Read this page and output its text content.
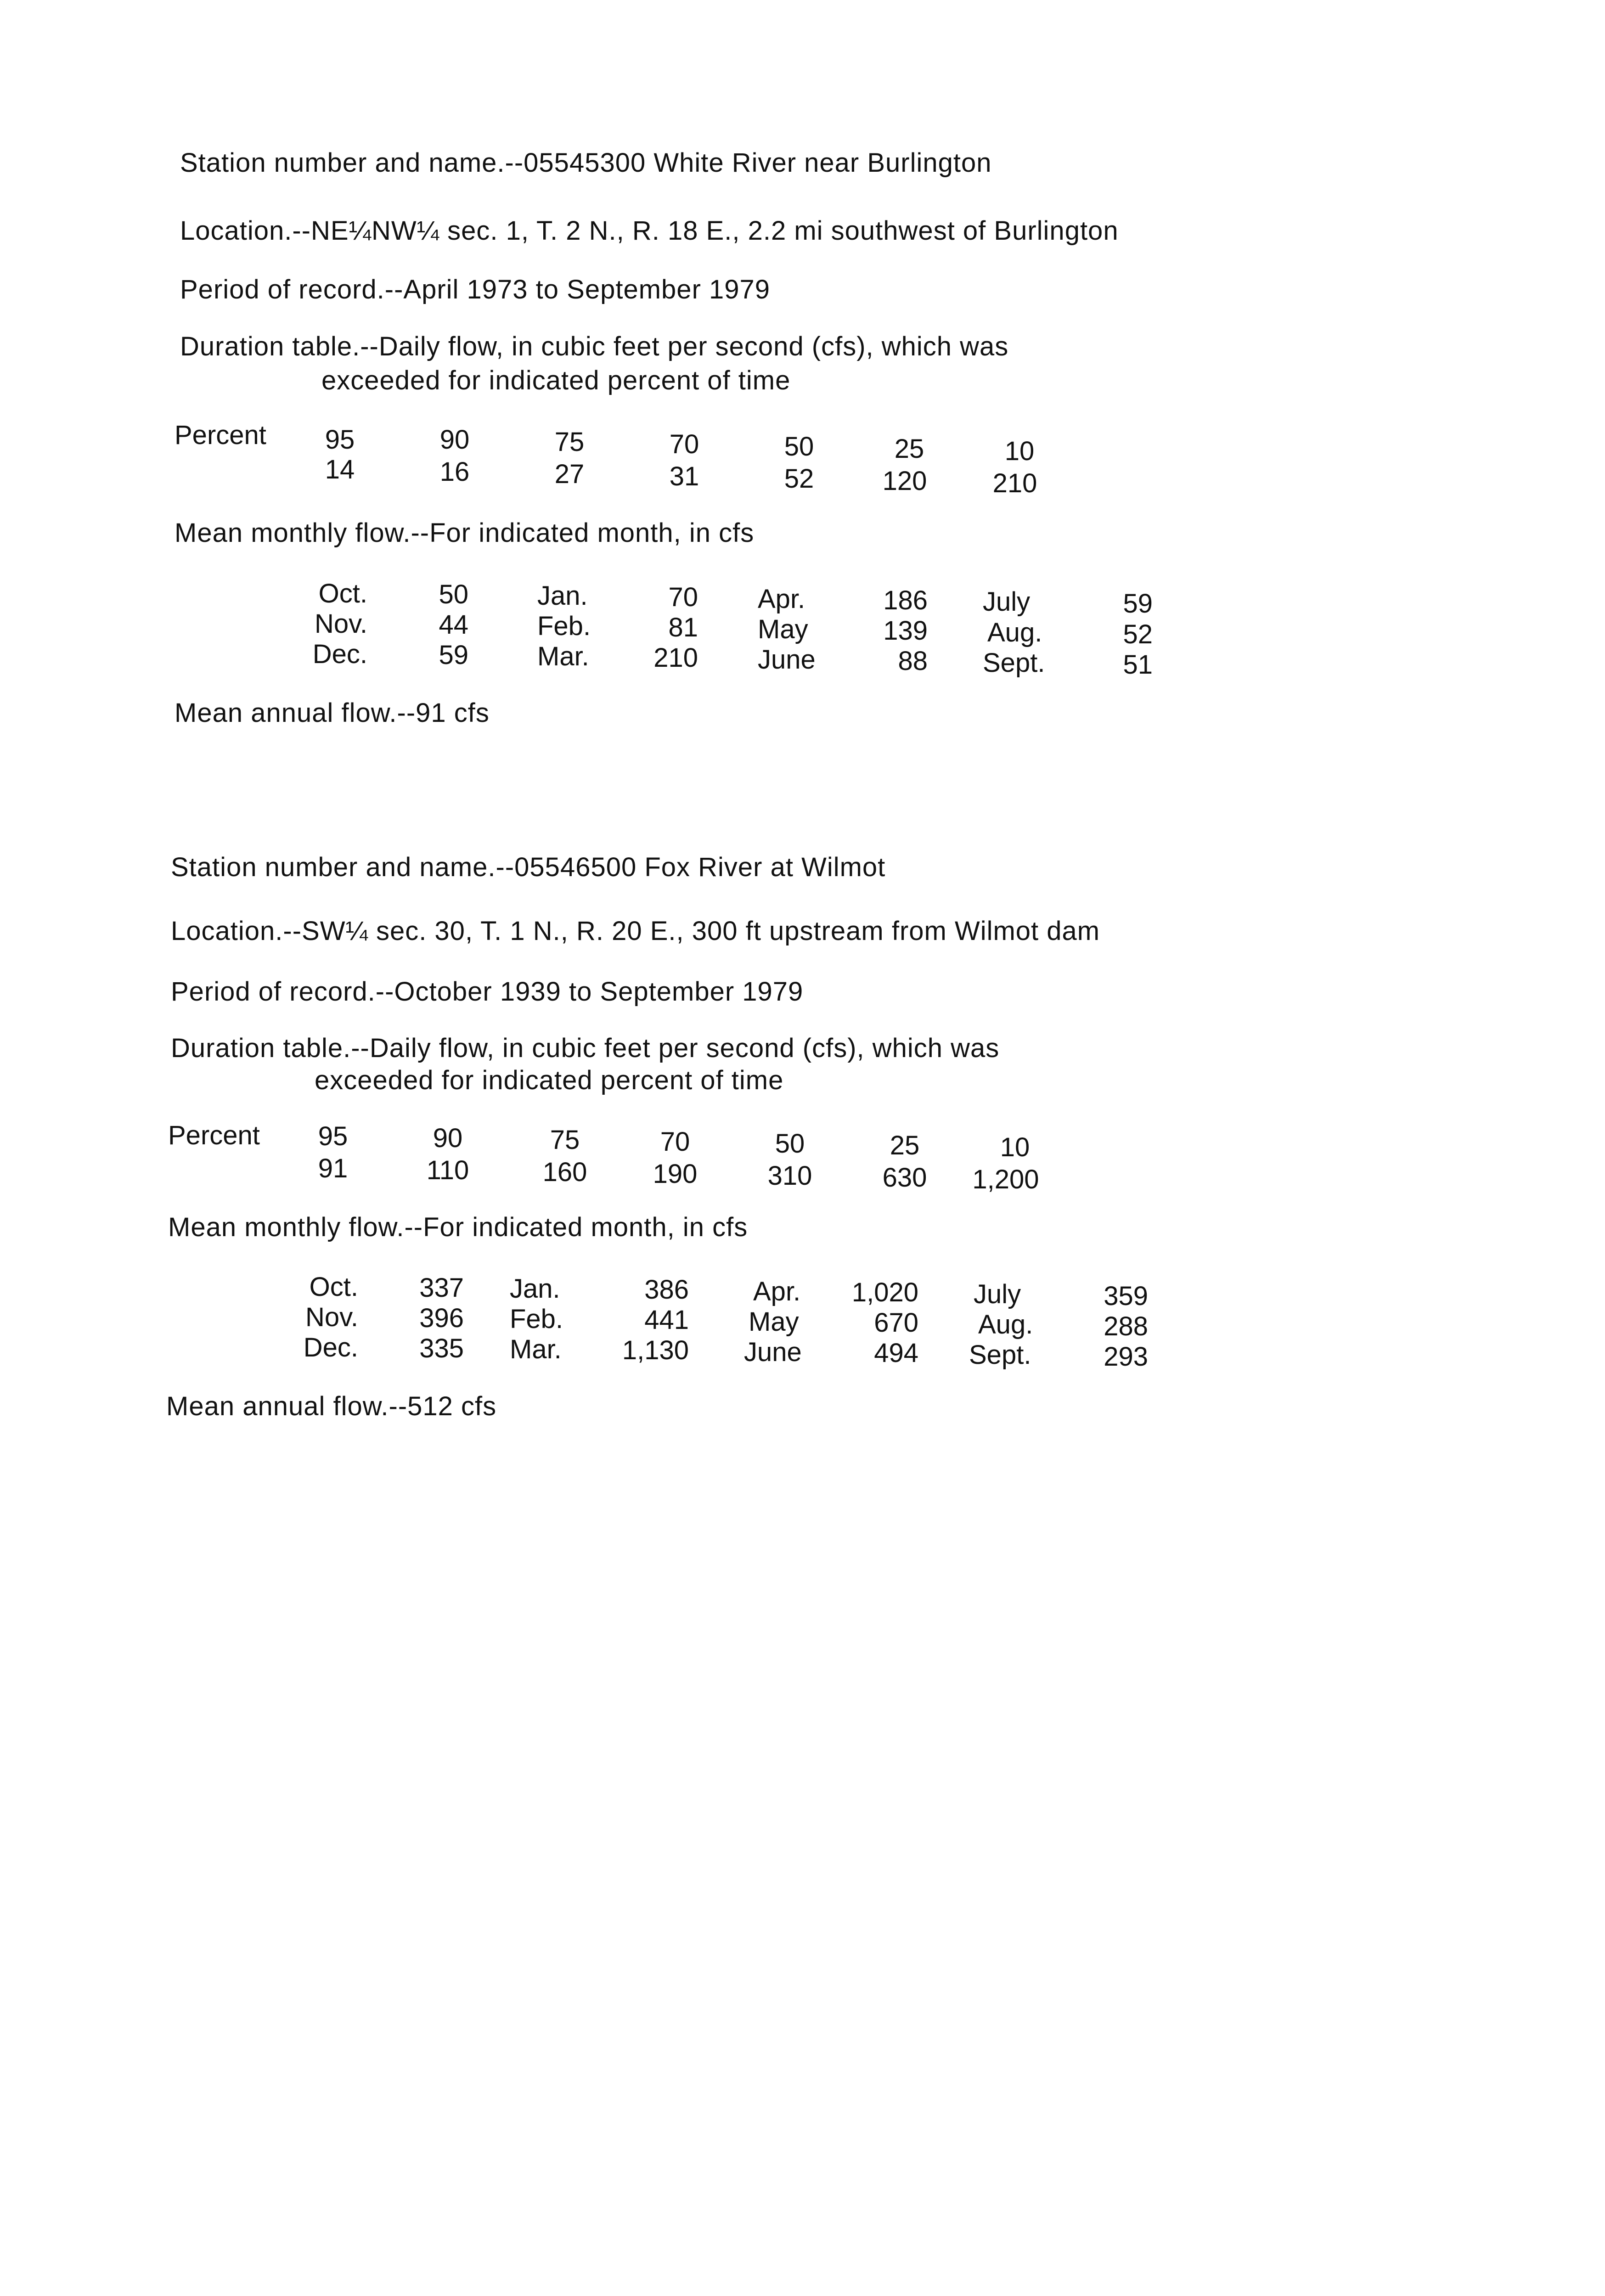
Station number and name.--05545300 White River near Burlington
Location.--NE¼NW¼ sec. 1, T. 2 N., R. 18 E., 2.2 mi southwest of Burlington
Period of record.--April 1973 to September 1979
Duration table.--Daily flow, in cubic feet per second (cfs), which was
exceeded for indicated percent of time
Percent	95	90	75	70	50	25	10
14	16	27	31	52	120	210
Mean monthly flow.--For indicated month, in cfs
Oct.	50	Jan.	70 Apr.	186 July	59
Nov.	44	Feb.	81 May	139 Aug.	52
Dec.	59	Mar.	210 June	88 Sept.	51
Mean annual flow.--91 cfs
Station number and name.--05546500 Fox River at Wilmot
Location.--SW¼ sec. 30, T. 1 N., R. 20 E., 300 ft upstream from Wilmot dam
Period of record.--October 1939 to September 1979
Duration table.--Daily flow, in cubic feet per second (cfs), which was
exceeded for indicated percent of time
Percent	95	90	75	70	50	25	10
91	110	160	190	310	630	1,200
Mean monthly flow.--For indicated month, in cfs
Oct.	337 Jan.	386 Apr.	1,020 July	359
Nov.	396 Feb.	441 May	670 Aug.	288
Dec.	335 Mar.	1,130 June	494 Sept.	293
Mean annual flow.--512 cfs
